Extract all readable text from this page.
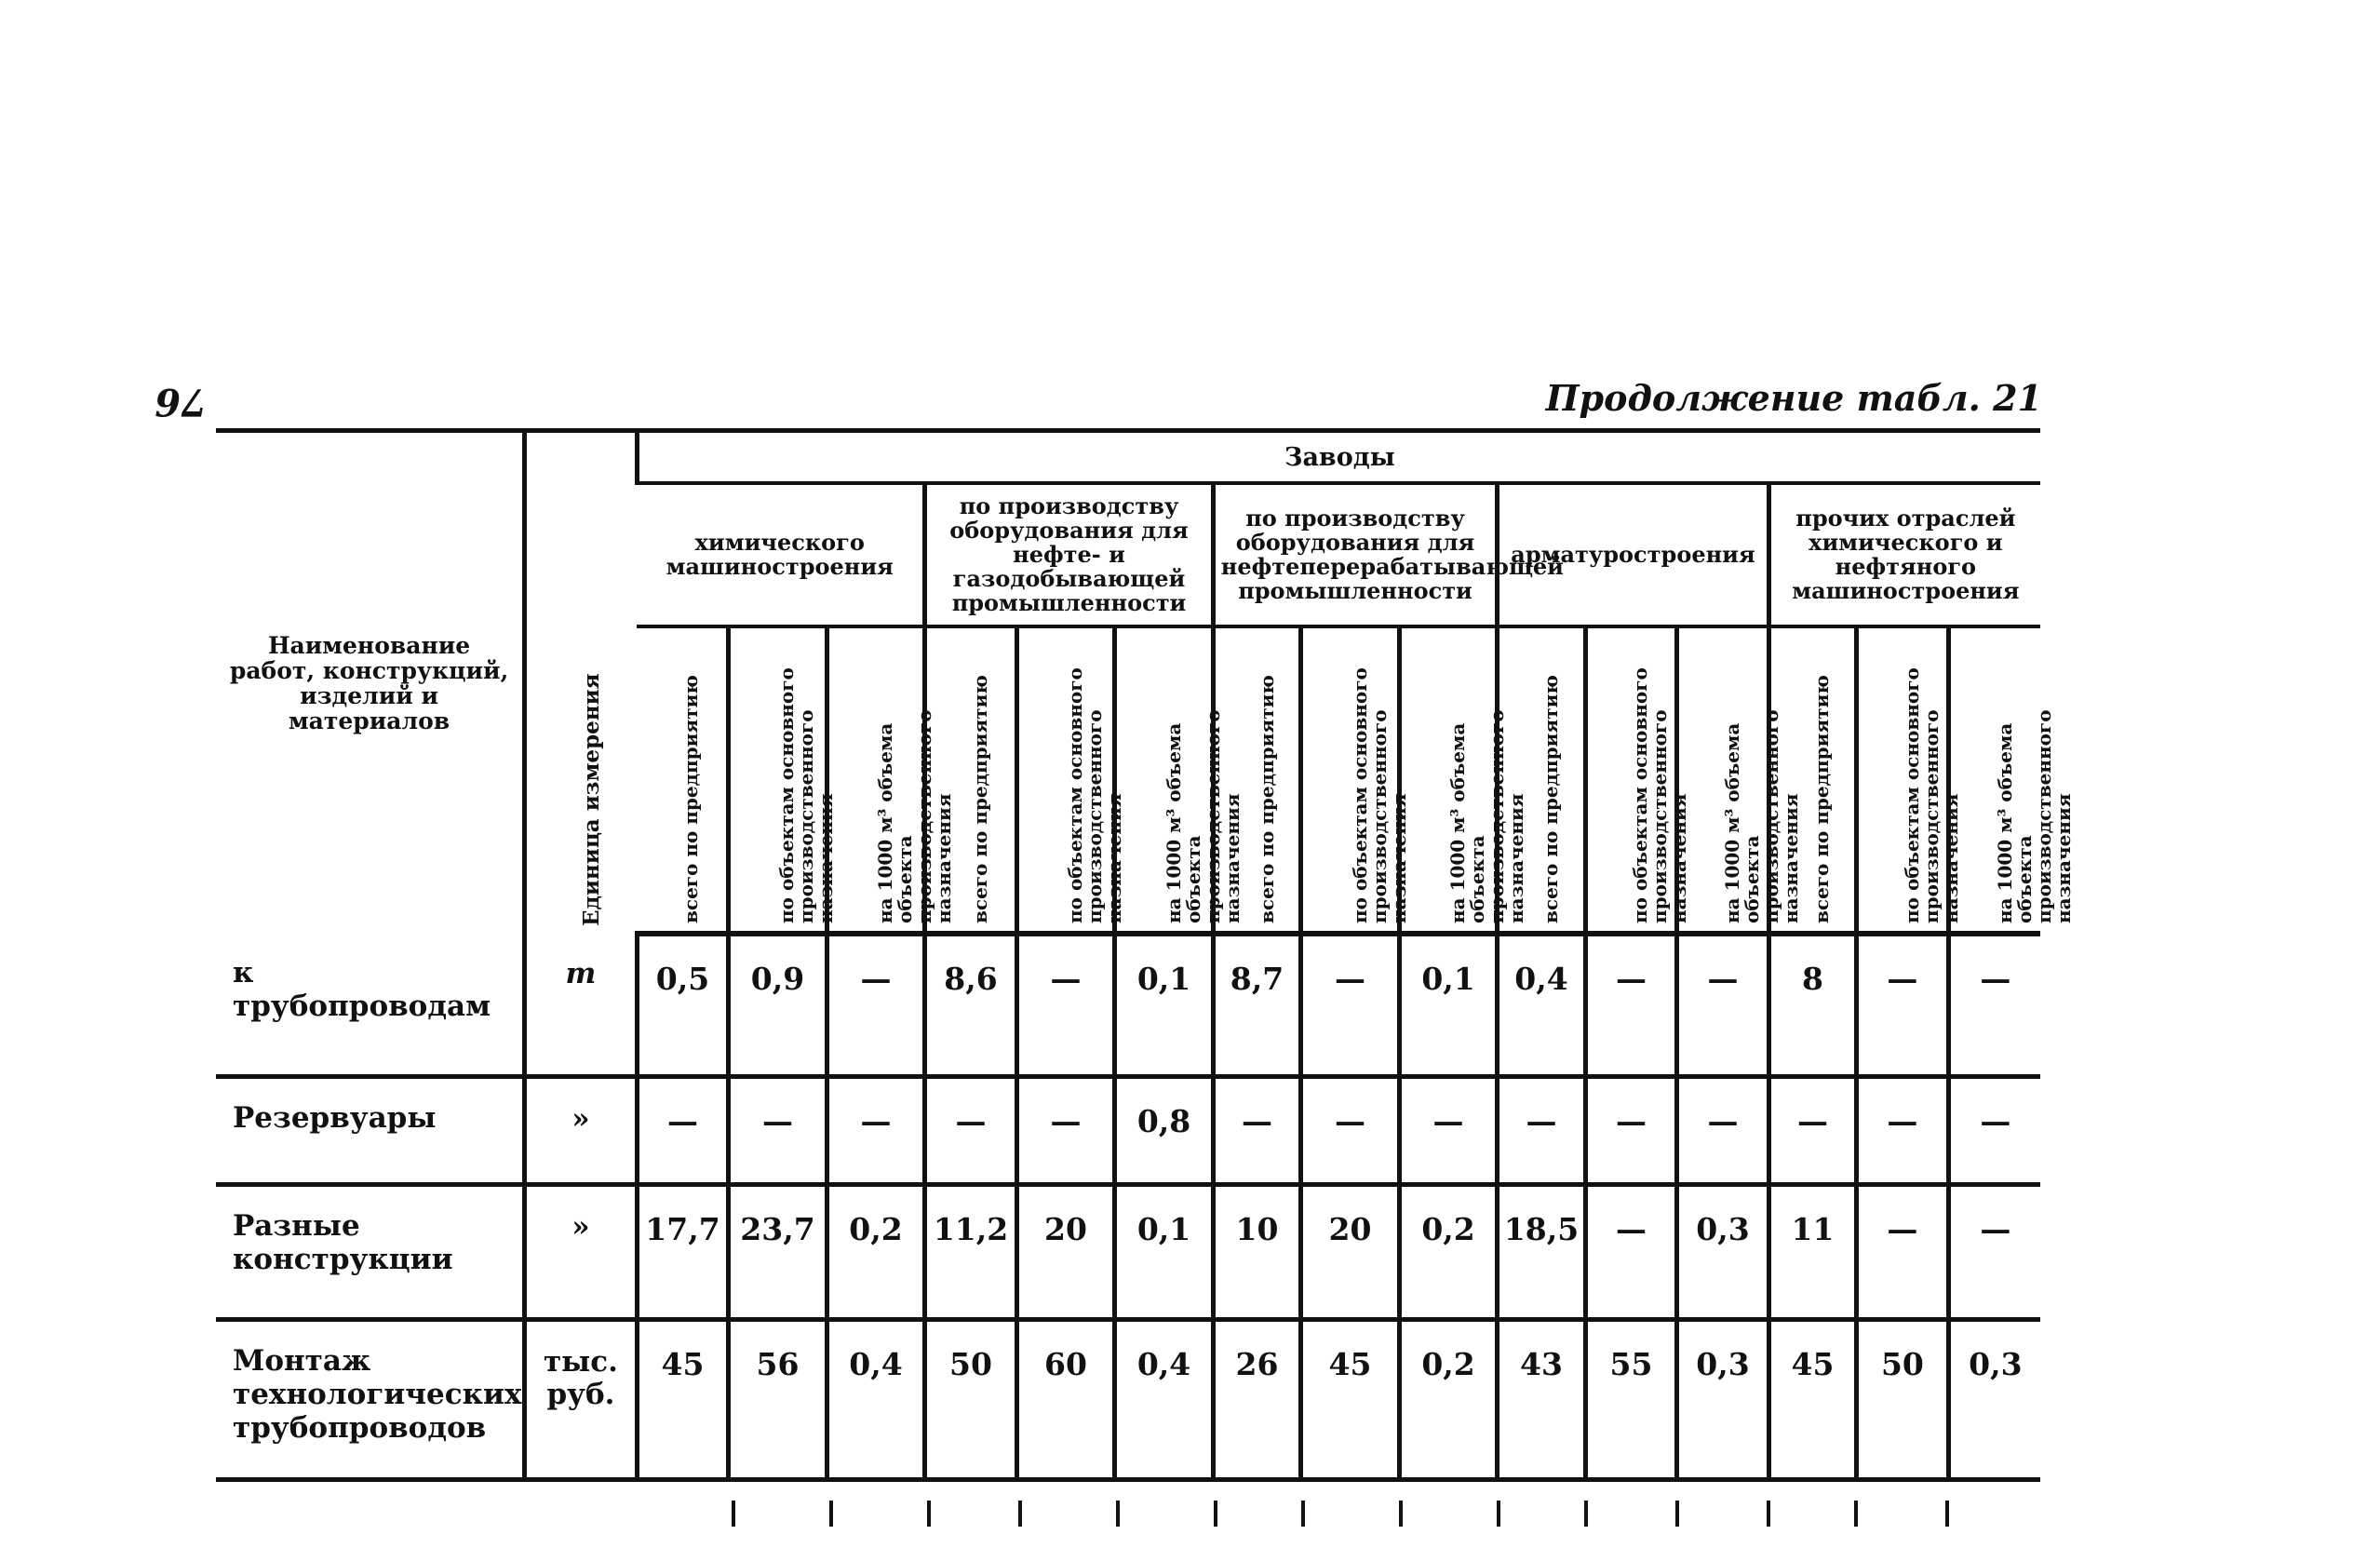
76	Продолжение табл. 21
Наименование работ, конструкций, изделий и материалов	Единица измерения	Заводы														
		химического машиностроения			по производству оборудования для нефте- и газодобывающей промышленности			по производству оборудования для нефтеперерабатывающей промышленности			арматуростроения			прочих отраслей химического и нефтяного машиностроения		

		всего по предприятию	по объектам основного производственного назначения	на 1000 м³ объема объекта производственного назначения	всего по предприятию	по объектам основного производственного назначения	на 1000 м³ объема объекта производственного назначения	всего по предприятию	по объектам основного производственного назначения	на 1000 м³ объема объекта производственного назначения	всего по предприятию	по объектам основного производственного назначения	на 1000 м³ объема объекта производственного назначения	всего по предприятию	по объектам основного производственного назначения	на 1000 м³ объема объекта производственного назначения

к трубопроводам	т	0,5	0,9	—	8,6	—	0,1	8,7	—	0,1	0,4	—	—	8	—	—
Резервуары	»	—	—	—	—	—	0,8	—	—	—	—	—	—	—	—	—
Разные конструкции	»	17,7	23,7	0,2	11,2	20	0,1	10	20	0,2	18,5	—	0,3	11	—	—
Монтаж технологических трубопроводов	тыс. руб.	45	56	0,4	50	60	0,4	26	45	0,2	43	55	0,3	45	50	0,3
